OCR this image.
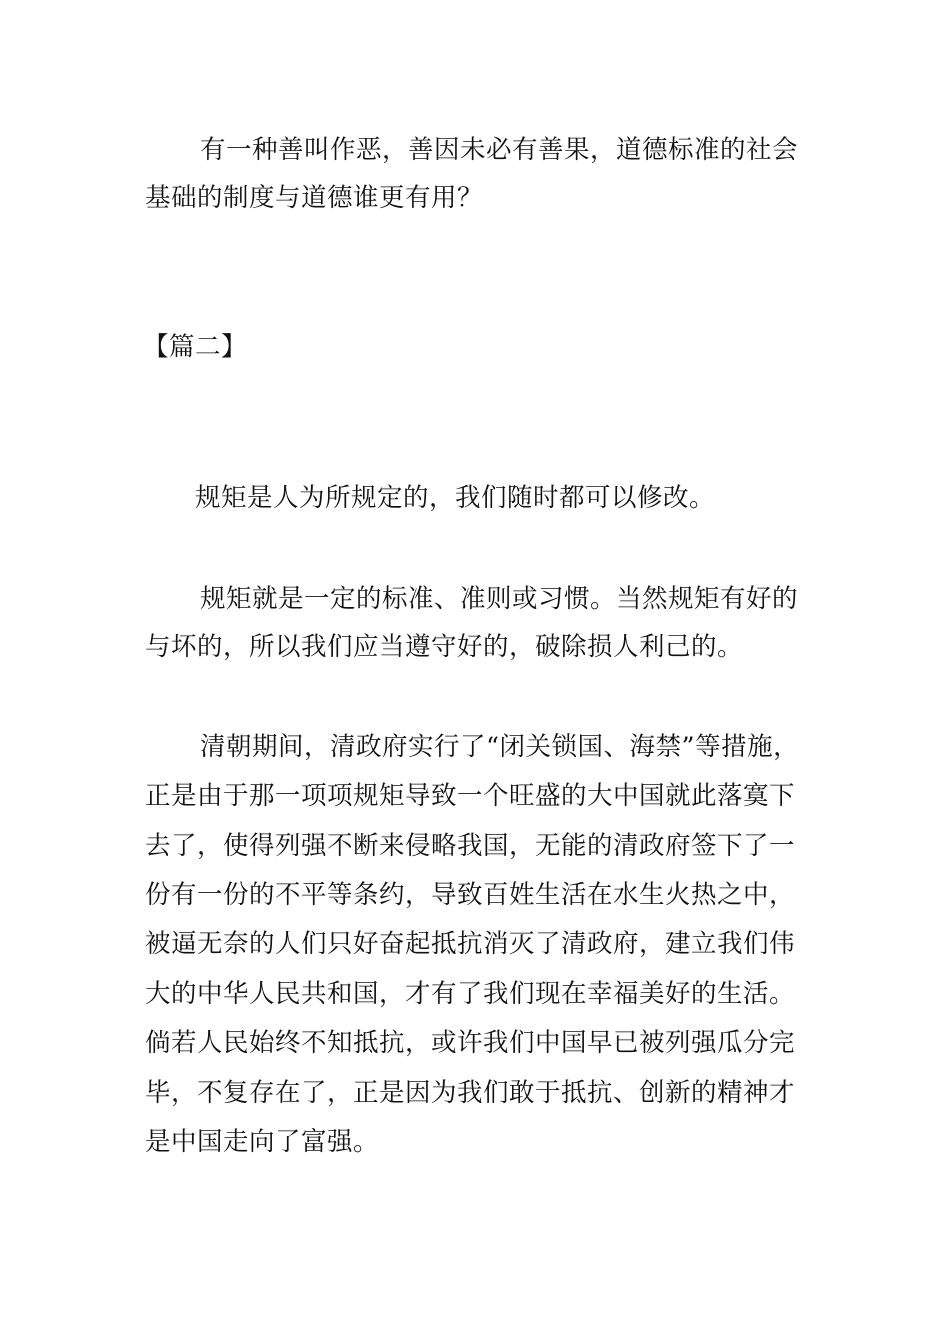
有一种善叫作恶，善因未必有善果，道德标准的社会
基础的制度与道德谁更有用？
【篇二】
规矩是人为所规定的，我们随时都可以修改。
规矩就是一定的标准、准则或习惯。当然规矩有好的
与坏的，所以我们应当遵守好的，破除损人利己的。
清朝期间，清政府实行了“闭关锁国、海禁”等措施，
正是由于那一项项规矩导致一个旺盛的大中国就此落寞下
去了，使得列强不断来侵略我国，无能的清政府签下了一
份有一份的不平等条约，导致百姓生活在水生火热之中，
被逼无奈的人们只好奋起抵抗消灭了清政府，建立我们伟
大的中华人民共和国，才有了我们现在幸福美好的生活。
倘若人民始终不知抵抗，或许我们中国早已被列强瓜分完
毕，不复存在了，正是因为我们敢于抵抗、创新的精神才
是中国走向了富强。
